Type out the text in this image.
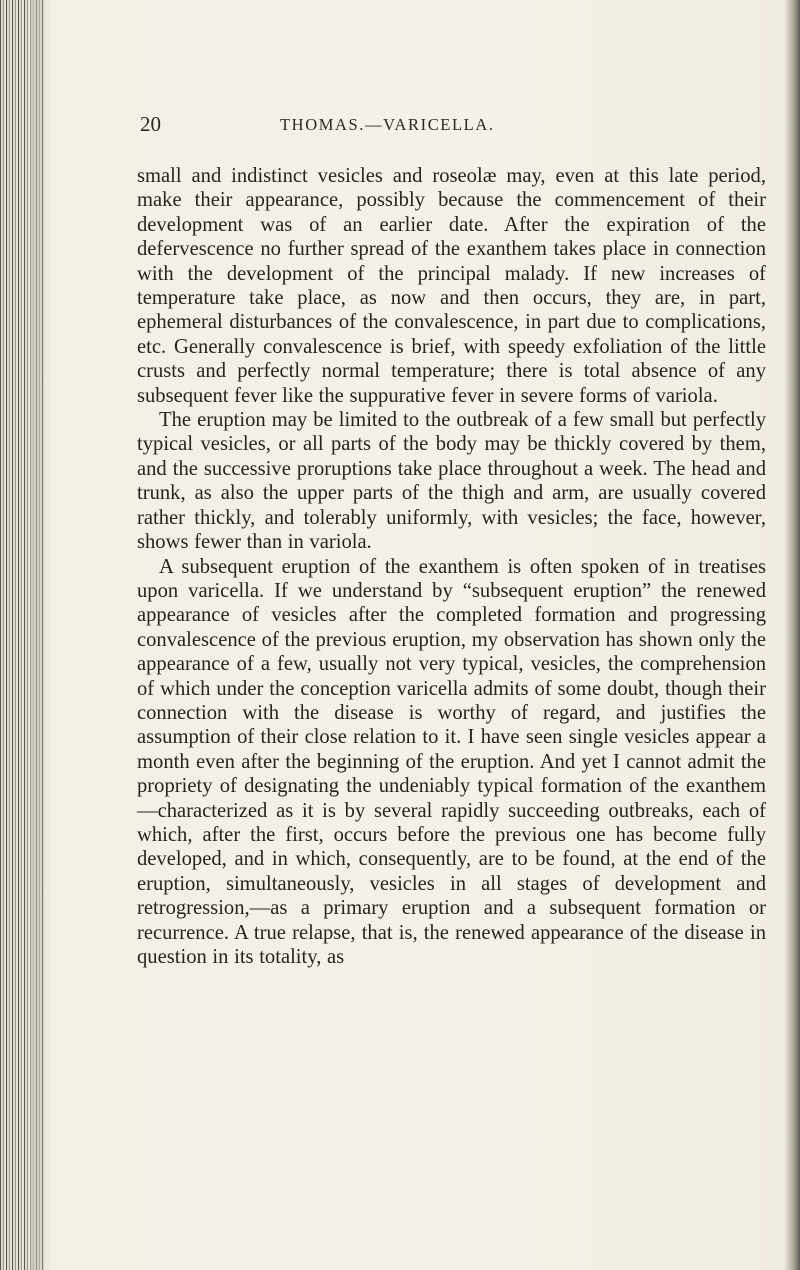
20	THOMAS.—VARICELLA.

small and indistinct vesicles and roseolæ may, even at this late period, make their appearance, possibly because the commencement of their development was of an earlier date. After the expiration of the defervescence no further spread of the exanthem takes place in connection with the development of the principal malady. If new increases of temperature take place, as now and then occurs, they are, in part, ephemeral disturbances of the convalescence, in part due to complications, etc. Generally convalescence is brief, with speedy exfoliation of the little crusts and perfectly normal temperature; there is total absence of any subsequent fever like the suppurative fever in severe forms of variola.

The eruption may be limited to the outbreak of a few small but perfectly typical vesicles, or all parts of the body may be thickly covered by them, and the successive proruptions take place throughout a week. The head and trunk, as also the upper parts of the thigh and arm, are usually covered rather thickly, and tolerably uniformly, with vesicles; the face, however, shows fewer than in variola.

A subsequent eruption of the exanthem is often spoken of in treatises upon varicella. If we understand by “subsequent eruption” the renewed appearance of vesicles after the completed formation and progressing convalescence of the previous eruption, my observation has shown only the appearance of a few, usually not very typical, vesicles, the comprehension of which under the conception varicella admits of some doubt, though their connection with the disease is worthy of regard, and justifies the assumption of their close relation to it. I have seen single vesicles appear a month even after the beginning of the eruption. And yet I cannot admit the propriety of designating the undeniably typical formation of the exanthem—characterized as it is by several rapidly succeeding outbreaks, each of which, after the first, occurs before the previous one has become fully developed, and in which, consequently, are to be found, at the end of the eruption, simultaneously, vesicles in all stages of development and retrogression,—as a primary eruption and a subsequent formation or recurrence. A true relapse, that is, the renewed appearance of the disease in question in its totality, as
